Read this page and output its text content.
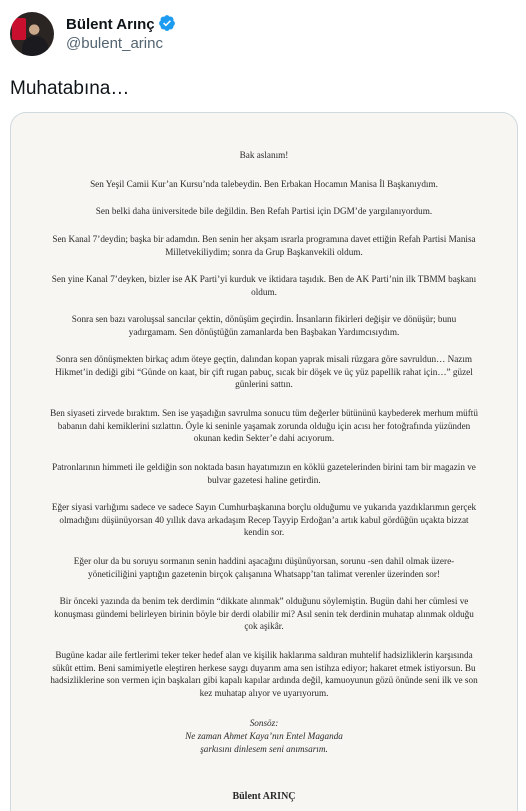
Bülent Arınç
@bulent_arinc
Muhatabına…
Bak aslanım!
Sen Yeşil Camii Kur’an Kursu’nda talebeydin. Ben Erbakan Hocamın Manisa İl Başkanıydım.
Sen belki daha üniversitede bile değildin. Ben Refah Partisi için DGM’de yargılanıyordum.
Sen Kanal 7’deydin; başka bir adamdın. Ben senin her akşam ısrarla programına davet ettiğin Refah Partisi Manisa Milletvekiliydim; sonra da Grup Başkanvekili oldum.
Sen yine Kanal 7’deyken, bizler ise AK Parti’yi kurduk ve iktidara taşıdık. Ben de AK Parti’nin ilk TBMM başkanı oldum.
Sonra sen bazı varoluşsal sancılar çektin, dönüşüm geçirdin. İnsanların fikirleri değişir ve dönüşür; bunu yadırgamam. Sen dönüştüğün zamanlarda ben Başbakan Yardımcısıydım.
Sonra sen dönüşmekten birkaç adım öteye geçtin, dalından kopan yaprak misali rüzgara göre savruldun… Nazım Hikmet’in dediği gibi “Günde on kaat, bir çift rugan pabuç, sıcak bir döşek ve üç yüz papellik rahat için…” güzel günlerini sattın.
Ben siyaseti zirvede bıraktım. Sen ise yaşadığın savrulma sonucu tüm değerler bütününü kaybederek merhum müftü babanın dahi kemiklerini sızlattın. Öyle ki seninle yaşamak zorunda olduğu için acısı her fotoğrafında yüzünden okunan kedin Sekter’e dahi acıyorum.
Patronlarının himmeti ile geldiğin son noktada basın hayatımızın en köklü gazetelerinden birini tam bir magazin ve bulvar gazetesi haline getirdin.
Eğer siyasi varlığımı sadece ve sadece Sayın Cumhurbaşkanına borçlu olduğumu ve yukarıda yazdıklarımın gerçek olmadığını düşünüyorsan 40 yıllık dava arkadaşım Recep Tayyip Erdoğan’a artık kabul gördüğün uçakta bizzat kendin sor.
Eğer olur da bu soruyu sormanın senin haddini aşacağını düşünüyorsan, sorunu -sen dahil olmak üzere- yöneticiliğini yaptığın gazetenin birçok çalışanına Whatsapp’tan talimat verenler üzerinden sor!
Bir önceki yazında da benim tek derdimin “dikkate alınmak” olduğunu söylemiştin. Bugün dahi her cümlesi ve konuşması gündemi belirleyen birinin böyle bir derdi olabilir mi? Asıl senin tek derdinin muhatap alınmak olduğu çok aşikâr.
Bugüne kadar aile fertlerimi teker teker hedef alan ve kişilik haklarıma saldıran muhtelif hadsizliklerin karşısında sükût ettim. Beni samimiyetle eleştiren herkese saygı duyarım ama sen istihza ediyor; hakaret etmek istiyorsun. Bu hadsizliklerine son vermen için başkaları gibi kapalı kapılar ardında değil, kamuoyunun gözü önünde seni ilk ve son kez muhatap alıyor ve uyarıyorum.
Sonsöz:
Ne zaman Ahmet Kaya’nın Entel Maganda
şarkısını dinlesem seni anımsarım.
Bülent ARINÇ
